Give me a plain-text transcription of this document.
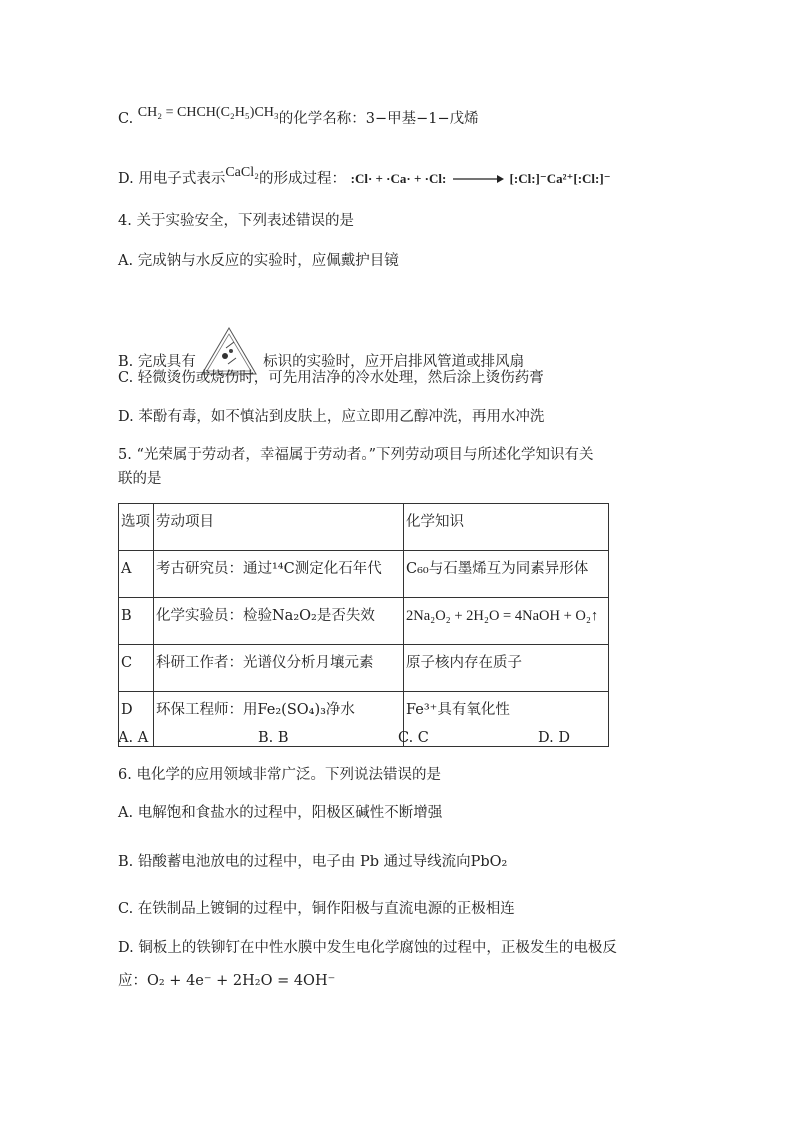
C. CH₂ = CHCH(C₂H₅)CH₃的化学名称：3−甲基−1−戊烯
D. 用电子式表示CaCl₂的形成过程： :Cl· + ·Ca· + ·Cl: → [:Cl:]⁻Ca²⁺[:Cl:]⁻
4. 关于实验安全，下列表述错误的是
A. 完成钠与水反应的实验时，应佩戴护目镜
B. 完成具有	标识的实验时，应开启排风管道或排风扇
C. 轻微烫伤或烧伤时，可先用洁净的冷水处理，然后涂上烫伤药膏
D. 苯酚有毒，如不慎沾到皮肤上，应立即用乙醇冲洗，再用水冲洗
5. “光荣属于劳动者，幸福属于劳动者。”下列劳动项目与所述化学知识有关
联的是
选项	劳动项目	化学知识
A	考古研究员：通过¹⁴C测定化石年代	C₆₀与石墨烯互为同素异形体
B	化学实验员：检验Na₂O₂是否失效	2Na₂O₂ + 2H₂O = 4NaOH + O₂↑
C	科研工作者：光谱仪分析月壤元素	原子核内存在质子
D	环保工程师：用Fe₂(SO₄)₃净水	Fe³⁺具有氧化性
A. A	B. B	C. C	D. D
6. 电化学的应用领域非常广泛。下列说法错误的是
A. 电解饱和食盐水的过程中，阳极区碱性不断增强
B. 铅酸蓄电池放电的过程中，电子由 Pb 通过导线流向PbO₂
C. 在铁制品上镀铜的过程中，铜作阳极与直流电源的正极相连
D. 铜板上的铁铆钉在中性水膜中发生电化学腐蚀的过程中，正极发生的电极反
应：O₂ + 4e⁻ + 2H₂O = 4OH⁻
